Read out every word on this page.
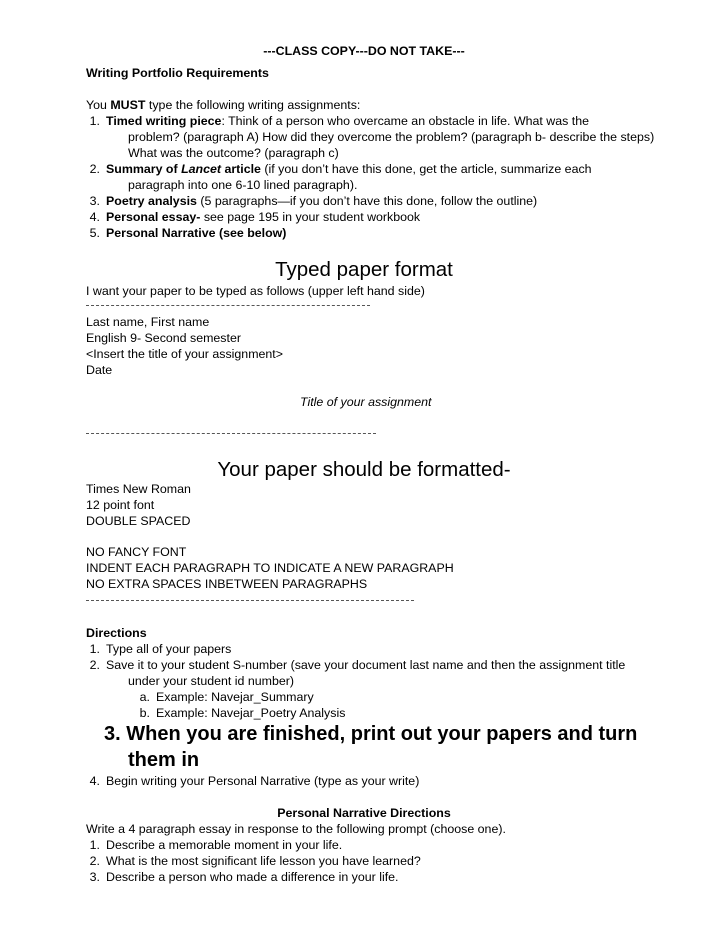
---CLASS COPY---DO NOT TAKE---
Writing Portfolio Requirements
You MUST type the following writing assignments:
1. Timed writing piece: Think of a person who overcame an obstacle in life. What was the
problem? (paragraph A) How did they overcome the problem? (paragraph b- describe the steps)
What was the outcome? (paragraph c)
2. Summary of Lancet article (if you don’t have this done, get the article, summarize each
paragraph into one 6-10 lined paragraph).
3. Poetry analysis (5 paragraphs—if you don’t have this done, follow the outline)
4. Personal essay- see page 195 in your student workbook
5. Personal Narrative (see below)
Typed paper format
I want your paper to be typed as follows (upper left hand side)
Last name, First name
English 9- Second semester
<Insert the title of your assignment>
Date
Title of your assignment
Your paper should be formatted-
Times New Roman
12 point font
DOUBLE SPACED
NO FANCY FONT
INDENT EACH PARAGRAPH TO INDICATE A NEW PARAGRAPH
NO EXTRA SPACES INBETWEEN PARAGRAPHS
Directions
1. Type all of your papers
2. Save it to your student S-number (save your document last name and then the assignment title
under your student id number)
a. Example: Navejar_Summary
b. Example: Navejar_Poetry Analysis
3. When you are finished, print out your papers and turn
them in
4. Begin writing your Personal Narrative (type as your write)
Personal Narrative Directions
Write a 4 paragraph essay in response to the following prompt (choose one).
1. Describe a memorable moment in your life.
2. What is the most significant life lesson you have learned?
3. Describe a person who made a difference in your life.
